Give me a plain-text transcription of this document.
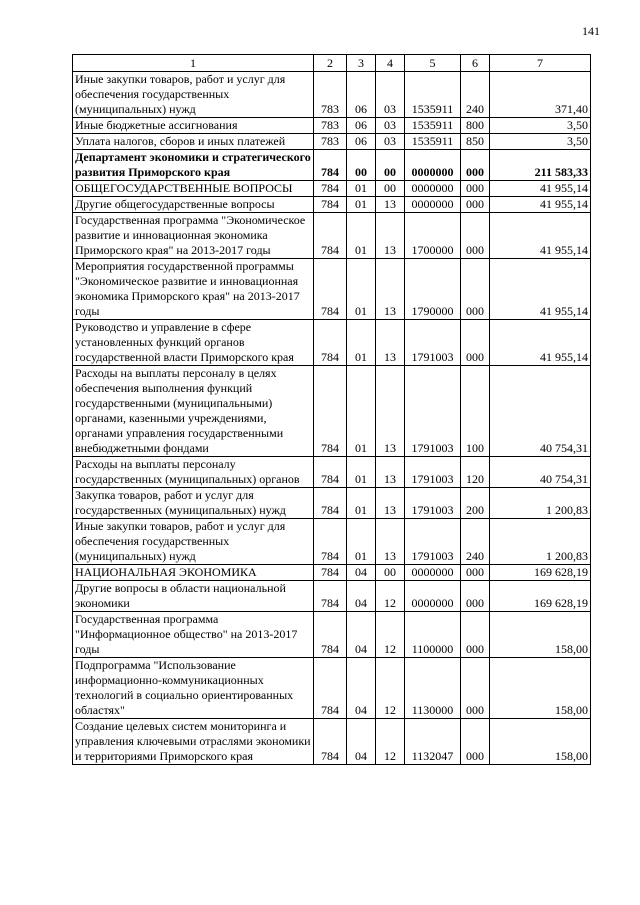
141
1	2	3	4	5	6	7
Иные закупки товаров, работ и услуг для обеспечения государственных (муниципальных) нужд	783	06	03	1535911	240	371,40
Иные бюджетные ассигнования	783	06	03	1535911	800	3,50
Уплата налогов, сборов и иных платежей	783	06	03	1535911	850	3,50
Департамент экономики и стратегического развития Приморского края	784	00	00	0000000	000	211 583,33
ОБЩЕГОСУДАРСТВЕННЫЕ ВОПРОСЫ	784	01	00	0000000	000	41 955,14
Другие общегосударственные вопросы	784	01	13	0000000	000	41 955,14
Государственная программа "Экономическое развитие и инновационная экономика Приморского края" на 2013-2017 годы	784	01	13	1700000	000	41 955,14
Мероприятия государственной программы "Экономическое развитие и инновационная экономика Приморского края" на 2013-2017 годы	784	01	13	1790000	000	41 955,14
Руководство и управление в сфере установленных функций органов государственной власти Приморского края	784	01	13	1791003	000	41 955,14
Расходы на выплаты персоналу в целях обеспечения выполнения функций государственными (муниципальными) органами, казенными учреждениями, органами управления государственными внебюджетными фондами	784	01	13	1791003	100	40 754,31
Расходы на выплаты персоналу государственных (муниципальных) органов	784	01	13	1791003	120	40 754,31
Закупка товаров, работ и услуг для государственных (муниципальных) нужд	784	01	13	1791003	200	1 200,83
Иные закупки товаров, работ и услуг для обеспечения государственных (муниципальных) нужд	784	01	13	1791003	240	1 200,83
НАЦИОНАЛЬНАЯ ЭКОНОМИКА	784	04	00	0000000	000	169 628,19
Другие вопросы в области национальной экономики	784	04	12	0000000	000	169 628,19
Государственная программа "Информационное общество" на 2013-2017 годы	784	04	12	1100000	000	158,00
Подпрограмма "Использование информационно-коммуникационных технологий в социально ориентированных областях"	784	04	12	1130000	000	158,00
Создание целевых систем мониторинга и управления ключевыми отраслями экономики и территориями Приморского края	784	04	12	1132047	000	158,00
